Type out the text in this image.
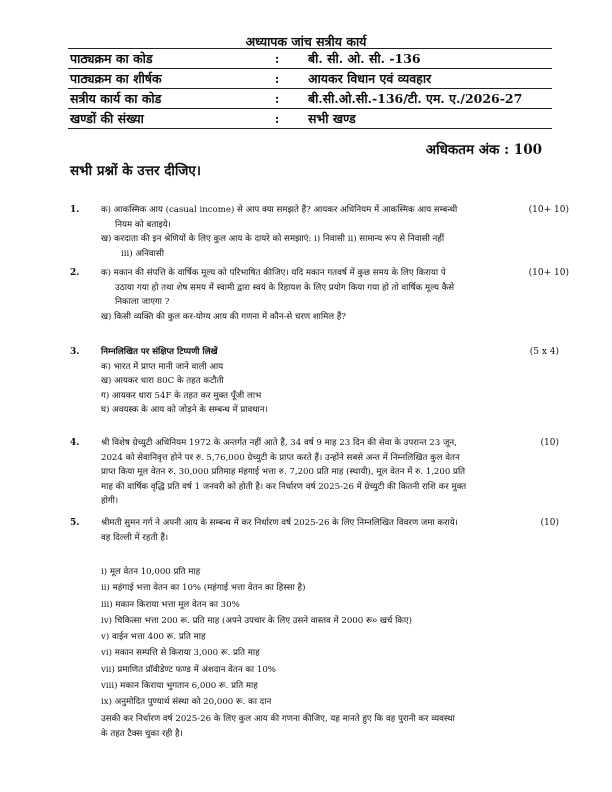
अध्यापक जांच सत्रीय कार्य
पाठ्यक्रम का कोड	:	बी. सी. ओ. सी. -136
पाठ्यक्रम का शीर्षक	:	आयकर विधान एवं व्यवहार
सत्रीय कार्य का कोड	:	बी.सी.ओ.सी.-136/टी. एम. ए./2026-27
खण्डों की संख्या	:	सभी खण्ड
अधिकतम अंक : 100
सभी प्रश्नों के उत्तर दीजिए।
1.	(10+ 10)
क) आकस्मिक आय (casual income) से आप क्या समझते हैं? आयकर अधिनियम में आकस्मिक आय सम्बन्धी
नियम को बताइये।
ख) करदाता की इन श्रेणियों के लिए कुल आय के दायरे को समझाएं: i) निवासी ii) सामान्य रूप से निवासी नहीं
iii) अनिवासी
2.	(10+ 10)
क) मकान की संपत्ति के वार्षिक मूल्य को परिभाषित कीजिए। यदि मकान गतवर्ष में कुछ समय के लिए किराया पे
उठाया गया हो तथा शेष समय में स्वामी द्वारा स्वयं के रिहायश के लिए प्रयोग किया गया हो तो वार्षिक मूल्य कैसे
निकाला जाएगा ?
ख) किसी व्यक्ति की कुल कर-योग्य आय की गणना में कौन-से चरण शामिल हैं?
3.	(5 x 4)
निम्नलिखित पर संक्षिप्त टिप्पणी लिखें
क) भारत में प्राप्त मानी जाने वाली आय
ख) आयकर धारा 80C के तहत कटौती
ग) आयकर धारा 54F के तहत कर मुक्त पूँजी लाभ
घ) अवयस्क के आय को जोड़ने के सम्बन्ध में प्रावधान।
4.	(10)
श्री विशेष ग्रेच्युटी अधिनियम 1972 के अन्तर्गत नहीं आते हैं, 34 वर्ष 9 माह 23 दिन की सेवा के उपरान्त 23 जून,
2024 को सेवानिवृत्त होने पर रु. 5,76,000 ग्रेच्युटी के प्राप्त करते हैं। उन्होंने सबसे अन्त में निम्नलिखित कुल वेतन
प्राप्त किया मूल वेतन रु. 30,000 प्रतिमाह मंहगाई भत्ता रु. 7,200 प्रति माह (स्थायी), मूल वेतन में रु. 1,200 प्रति
माह की वार्षिक वृद्धि प्रति वर्ष 1 जनवरी को होती है। कर निर्धारण वर्ष 2025-26 में ग्रेच्युटी की कितनी राशि कर मुक्त
होगी।
5.	(10)
श्रीमती सुमन गर्ग ने अपनी आय के सम्बन्ध में कर निर्धारण वर्ष 2025-26 के लिए निम्नलिखित विवरण जमा कराये।
वह दिल्ली में रहती हैं।
i) मूल वेतन 10,000 प्रति माह
ii) महंगाई भत्ता वेतन का 10% (महंगाई भत्ता वेतन का हिस्सा है)
iii) मकान किराया भत्ता मूल वेतन का 30%
iv) चिकित्सा भत्ता 200 रू. प्रति माह (अपने उपचार के लिए उसने वास्तव में 2000 रू० खर्च किए)
v) वाईन भत्ता 400 रू. प्रति माह
vi) मकान सम्पत्ति से किराया 3,000 रू. प्रति माह
vii) प्रमाणित प्रॉवीडेण्ट फण्ड में अंशदान वेतन का 10%
viii) मकान किराया भुगतान 6,000 रू. प्रति माह
ix) अनुमोदित पुण्यार्थ संस्था को 20,000 रू. का दान
उसकी कर निर्धारण वर्ष 2025-26 के लिए कुल आय की गणना कीजिए, यह मानते हुए कि वह पुरानी कर व्यवस्था
के तहत टैक्स चुका रही है।
